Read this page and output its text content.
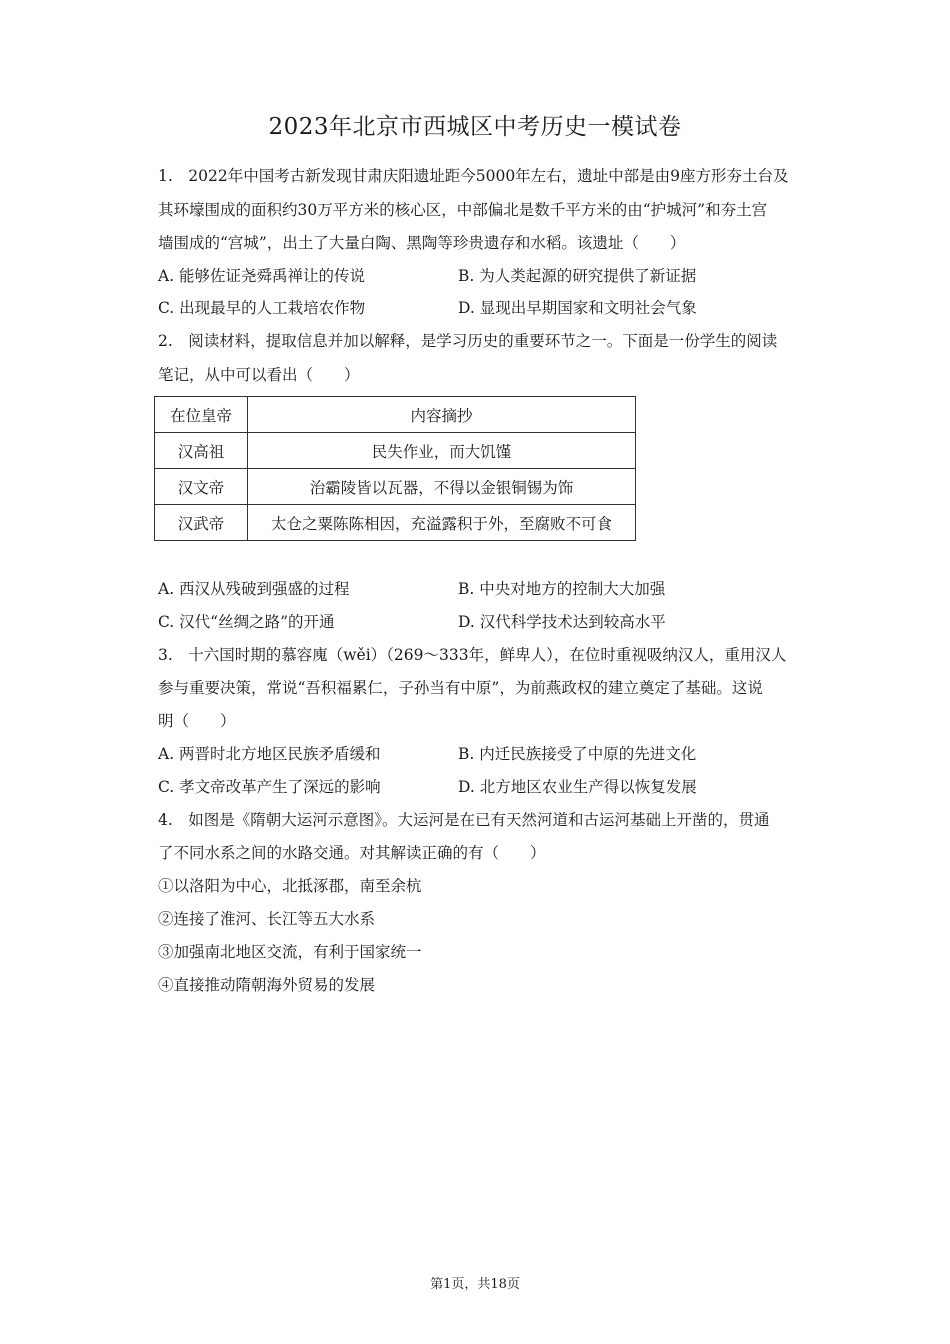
2023年北京市西城区中考历史一模试卷
1.　2022年中国考古新发现甘肃庆阳遗址距今5000年左右，遗址中部是由9座方形夯土台及
其环壕围成的面积约30万平方米的核心区，中部偏北是数千平方米的由“护城河”和夯土宫
墙围成的“宫城”，出土了大量白陶、黑陶等珍贵遗存和水稻。该遗址（　　）
A. 能够佐证尧舜禹禅让的传说	B. 为人类起源的研究提供了新证据
C. 出现最早的人工栽培农作物	D. 显现出早期国家和文明社会气象
2.　阅读材料，提取信息并加以解释，是学习历史的重要环节之一。下面是一份学生的阅读
笔记，从中可以看出（　　）
在位皇帝	内容摘抄
汉高祖	民失作业，而大饥馑
汉文帝	治霸陵皆以瓦器，不得以金银铜锡为饰
汉武帝	太仓之粟陈陈相因，充溢露积于外，至腐败不可食
A. 西汉从残破到强盛的过程	B. 中央对地方的控制大大加强
C. 汉代“丝绸之路”的开通	D. 汉代科学技术达到较高水平
3.　十六国时期的慕容廆（wěi）（269～333年，鲜卑人），在位时重视吸纳汉人，重用汉人
参与重要决策，常说“吾积福累仁，子孙当有中原”，为前燕政权的建立奠定了基础。这说
明（　　）
A. 两晋时北方地区民族矛盾缓和	B. 内迁民族接受了中原的先进文化
C. 孝文帝改革产生了深远的影响	D. 北方地区农业生产得以恢复发展
4.　如图是《隋朝大运河示意图》。大运河是在已有天然河道和古运河基础上开凿的，贯通
了不同水系之间的水路交通。对其解读正确的有（　　）
①以洛阳为中心，北抵涿郡，南至余杭
②连接了淮河、长江等五大水系
③加强南北地区交流，有利于国家统一
④直接推动隋朝海外贸易的发展
第1页，共18页
